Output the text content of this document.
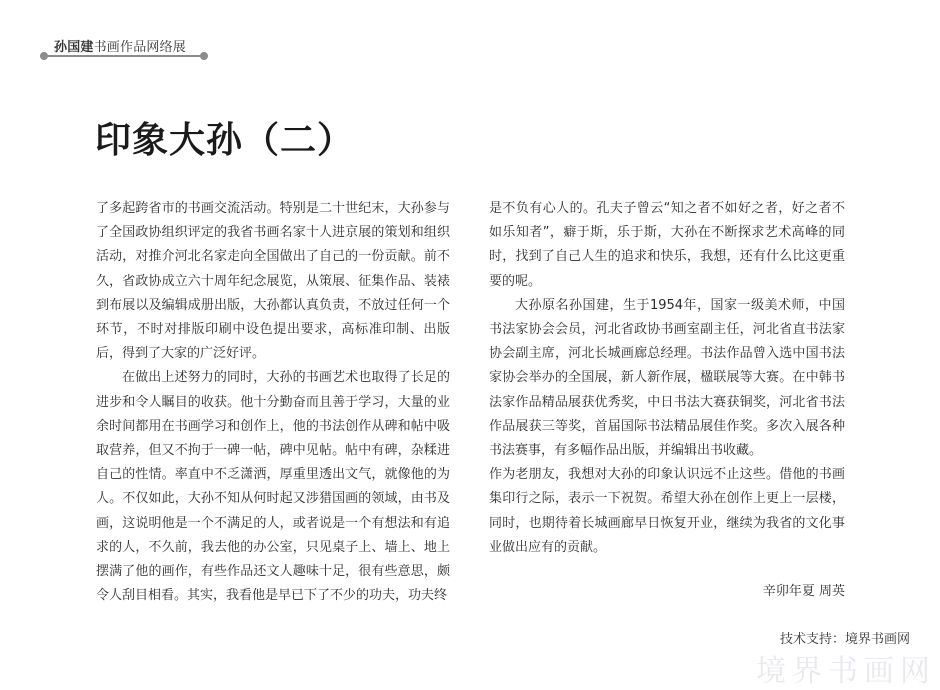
孙国建书画作品网络展
印象大孙（二）

了多起跨省市的书画交流活动。特别是二十世纪末，大孙参与了全国政协组织评定的我省书画名家十人进京展的策划和组织活动，对推介河北名家走向全国做出了自己的一份贡献。前不久，省政协成立六十周年纪念展览，从策展、征集作品、装裱到布展以及编辑成册出版，大孙都认真负责，不放过任何一个环节，不时对排版印刷中设色提出要求，高标准印制、出版后，得到了大家的广泛好评。

在做出上述努力的同时，大孙的书画艺术也取得了长足的进步和令人瞩目的收获。他十分勤奋而且善于学习，大量的业余时间都用在书画学习和创作上，他的书法创作从碑和帖中吸取营养，但又不拘于一碑一帖，碑中见帖。帖中有碑，杂糅进自己的性情。率直中不乏潇洒，厚重里透出文气，就像他的为人。不仅如此，大孙不知从何时起又涉猎国画的领域，由书及画，这说明他是一个不满足的人，或者说是一个有想法和有追求的人，不久前，我去他的办公室，只见桌子上、墙上、地上摆满了他的画作，有些作品还文人趣味十足，很有些意思，颇令人刮目相看。其实，我看他是早已下了不少的功夫，功夫终

是不负有心人的。孔夫子曾云“知之者不如好之者，好之者不如乐知者”，癖于斯，乐于斯，大孙在不断探求艺术高峰的同时，找到了自己人生的追求和快乐，我想，还有什么比这更重要的呢。

大孙原名孙国建，生于1954年，国家一级美术师，中国书法家协会会员，河北省政协书画室副主任，河北省直书法家协会副主席，河北长城画廊总经理。书法作品曾入选中国书法家协会举办的全国展，新人新作展，楹联展等大赛。在中韩书法家作品精品展获优秀奖，中日书法大赛获铜奖，河北省书法作品展获三等奖，首届国际书法精品展佳作奖。多次入展各种书法赛事，有多幅作品出版，并编辑出书收藏。

作为老朋友，我想对大孙的印象认识远不止这些。借他的书画集印行之际，表示一下祝贺。希望大孙在创作上更上一层楼，同时，也期待着长城画廊早日恢复开业，继续为我省的文化事业做出应有的贡献。

辛卯年夏 周英
技术支持：境界书画网
境界书画网
